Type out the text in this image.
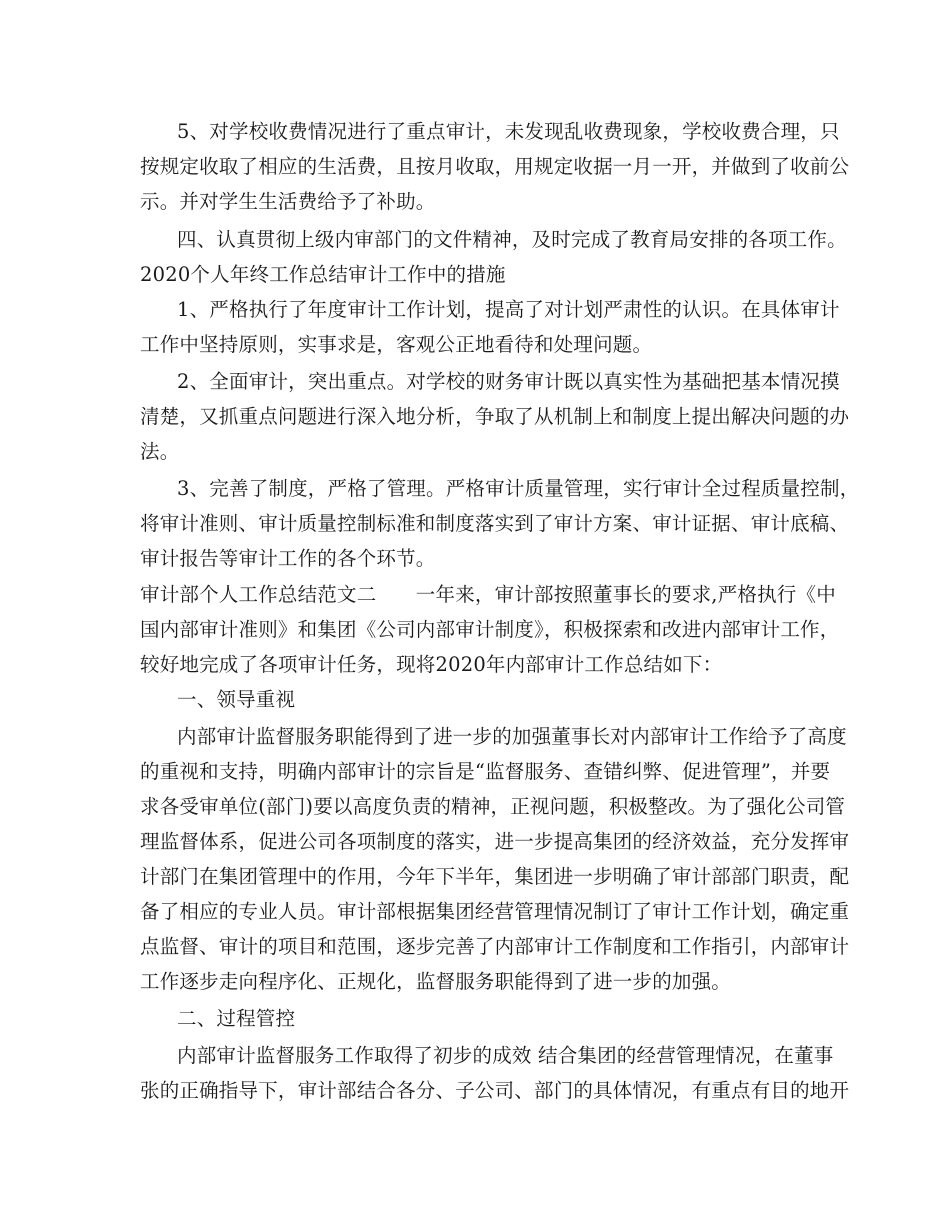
5、对学校收费情况进行了重点审计，未发现乱收费现象，学校收费合理，只
按规定收取了相应的生活费，且按月收取，用规定收据一月一开，并做到了收前公
示。并对学生生活费给予了补助。
四、认真贯彻上级内审部门的文件精神，及时完成了教育局安排的各项工作。
2020个人年终工作总结审计工作中的措施
1、严格执行了年度审计工作计划，提高了对计划严肃性的认识。在具体审计
工作中坚持原则，实事求是，客观公正地看待和处理问题。
2、全面审计，突出重点。对学校的财务审计既以真实性为基础把基本情况摸
清楚，又抓重点问题进行深入地分析，争取了从机制上和制度上提出解决问题的办
法。
3、完善了制度，严格了管理。严格审计质量管理，实行审计全过程质量控制，
将审计准则、审计质量控制标准和制度落实到了审计方案、审计证据、审计底稿、
审计报告等审计工作的各个环节。
审计部个人工作总结范文二　　一年来，审计部按照董事长的要求,严格执行《中
国内部审计准则》和集团《公司内部审计制度》，积极探索和改进内部审计工作，
较好地完成了各项审计任务，现将2020年内部审计工作总结如下：
一、领导重视
内部审计监督服务职能得到了进一步的加强董事长对内部审计工作给予了高度
的重视和支持，明确内部审计的宗旨是“监督服务、查错纠弊、促进管理”，并要
求各受审单位(部门)要以高度负责的精神，正视问题，积极整改。为了强化公司管
理监督体系，促进公司各项制度的落实，进一步提高集团的经济效益，充分发挥审
计部门在集团管理中的作用，今年下半年，集团进一步明确了审计部部门职责，配
备了相应的专业人员。审计部根据集团经营管理情况制订了审计工作计划，确定重
点监督、审计的项目和范围，逐步完善了内部审计工作制度和工作指引，内部审计
工作逐步走向程序化、正规化，监督服务职能得到了进一步的加强。
二、过程管控
内部审计监督服务工作取得了初步的成效 结合集团的经营管理情况，在董事
张的正确指导下，审计部结合各分、子公司、部门的具体情况，有重点有目的地开
